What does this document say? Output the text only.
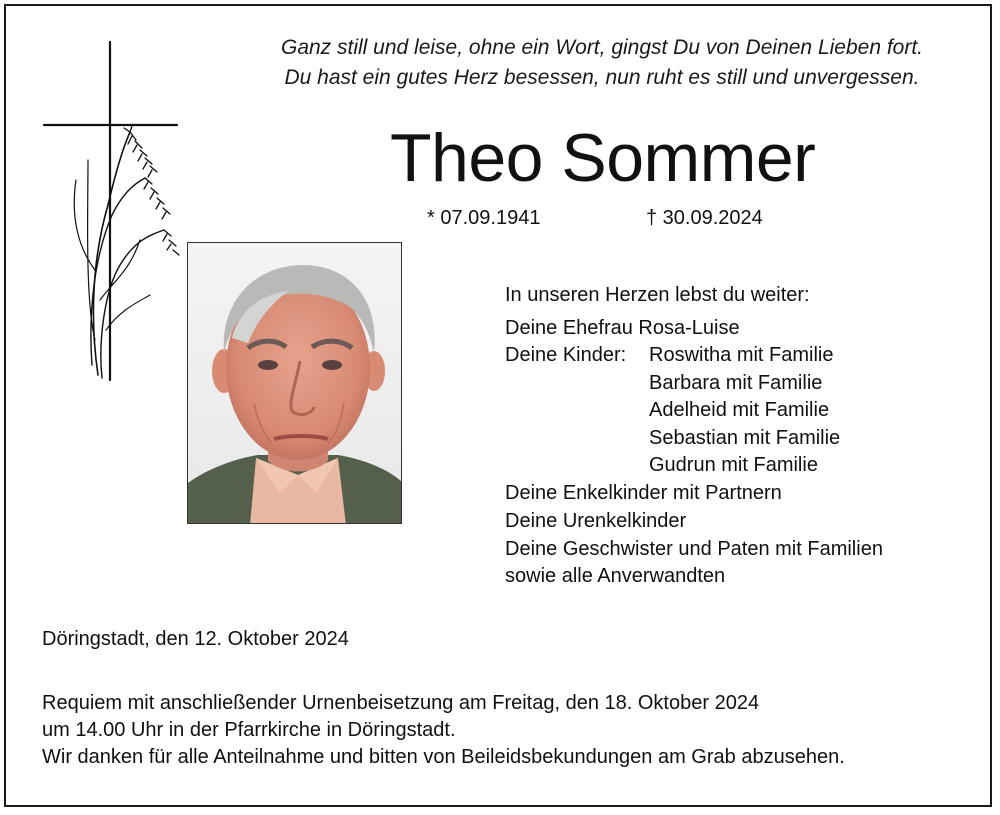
Ganz still und leise, ohne ein Wort, gingst Du von Deinen Lieben fort.
Du hast ein gutes Herz besessen, nun ruht es still und unvergessen.
Theo Sommer
* 07.09.1941	† 30.09.2024
In unseren Herzen lebst du weiter:
Deine Ehefrau Rosa-Luise
Deine Kinder: Roswitha mit Familie
Barbara mit Familie
Adelheid mit Familie
Sebastian mit Familie
Gudrun mit Familie
Deine Enkelkinder mit Partnern
Deine Urenkelkinder
Deine Geschwister und Paten mit Familien
sowie alle Anverwandten
Döringstadt, den 12. Oktober 2024
Requiem mit anschließender Urnenbeisetzung am Freitag, den 18. Oktober 2024
um 14.00 Uhr in der Pfarrkirche in Döringstadt.
Wir danken für alle Anteilnahme und bitten von Beileidsbekundungen am Grab abzusehen.
